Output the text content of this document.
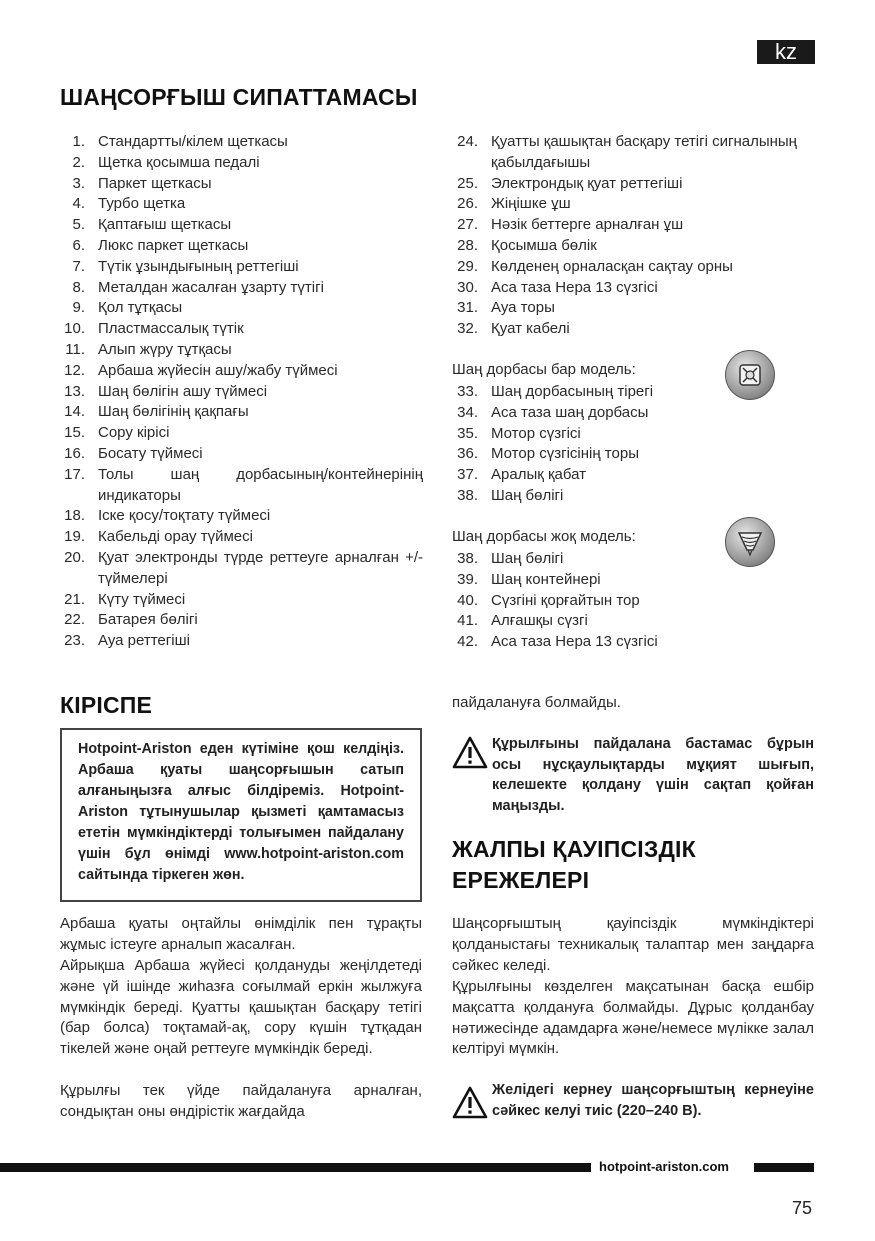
kz
ШАҢСОРҒЫШ СИПАТТАМАСЫ
1. Стандартты/кілем щеткасы
2. Щетка қосымша педалі
3. Паркет щеткасы
4. Турбо щетка
5. Қаптағыш щеткасы
6. Люкс паркет щеткасы
7. Түтік ұзындығының реттегіші
8. Металдан жасалған ұзарту түтігі
9. Қол тұтқасы
10. Пластмассалық түтік
11. Алып жүру тұтқасы
12. Арбаша жүйесін ашу/жабу түймесі
13. Шаң бөлігін ашу түймесі
14. Шаң бөлігінің қақпағы
15. Сору кірісі
16. Босату түймесі
17. Толы шаң дорбасының/контейнерінің индикаторы
18. Іске қосу/тоқтату түймесі
19. Кабельді орау түймесі
20. Қуат электронды түрде реттеуге арналған +/- түймелері
21. Күту түймесі
22. Батарея бөлігі
23. Ауа реттегіші
24. Қуатты қашықтан басқару тетігі сигналының қабылдағышы
25. Электрондық қуат реттегіші
26. Жіңішке ұш
27. Нәзік беттерге арналған ұш
28. Қосымша бөлік
29. Көлденең орналасқан сақтау орны
30. Аса таза Hepa 13 сүзгісі
31. Ауа торы
32. Қуат кабелі
Шаң дорбасы бар модель:
33. Шаң дорбасының тірегі
34. Аса таза шаң дорбасы
35. Мотор сүзгісі
36. Мотор сүзгісінің торы
37. Аралық қабат
38. Шаң бөлігі
Шаң дорбасы жоқ модель:
38. Шаң бөлігі
39. Шаң контейнері
40. Сүзгіні қорғайтын тор
41. Алғашқы сүзгі
42. Аса таза Hepa 13 сүзгісі
КІРІСПЕ
Hotpoint-Ariston еден күтіміне қош келдіңіз. Арбаша қуаты шаңсорғышын сатып алғаныңызға алғыс білдіреміз. Hotpoint-Ariston тұтынушылар қызметі қамтамасыз ететін мүмкіндіктерді толығымен пайдалану үшін бұл өнімді www.hotpoint-ariston.com сайтында тіркеген жөн.

Арбаша қуаты оңтайлы өнімділік пен тұрақты жұмыс істеуге арналып жасалған.

Айрықша Арбаша жүйесі қолдануды жеңілдетеді және үй ішінде жиһазға соғылмай еркін жылжуға мүмкіндік береді. Қуатты қашықтан басқару тетігі (бар болса) тоқтамай-ақ, сору күшін тұтқадан тікелей және оңай реттеуге мүмкіндік береді.

Құрылғы тек үйде пайдалануға арналған, сондықтан оны өндірістік жағдайда

пайдалануға болмайды.

Құрылғыны пайдалана бастамас бұрын осы нұсқаулықтарды мұқият шығып, келешекте қолдану үшін сақтап қойған маңызды.
ЖАЛПЫ ҚАУІПСІЗДІК ЕРЕЖЕЛЕРІ

Шаңсорғыштың қауіпсіздік мүмкіндіктері қолданыстағы техникалық талаптар мен заңдарға сәйкес келеді.

Құрылғыны көзделген мақсатынан басқа ешбір мақсатта қолдануға болмайды. Дұрыс қолданбау нәтижесінде адамдарға және/немесе мүлікке залал келтіруі мүмкін.

Желідегі кернеу шаңсорғыштың кернеуіне сәйкес келуі тиіс (220–240 В).
hotpoint-ariston.com
75
